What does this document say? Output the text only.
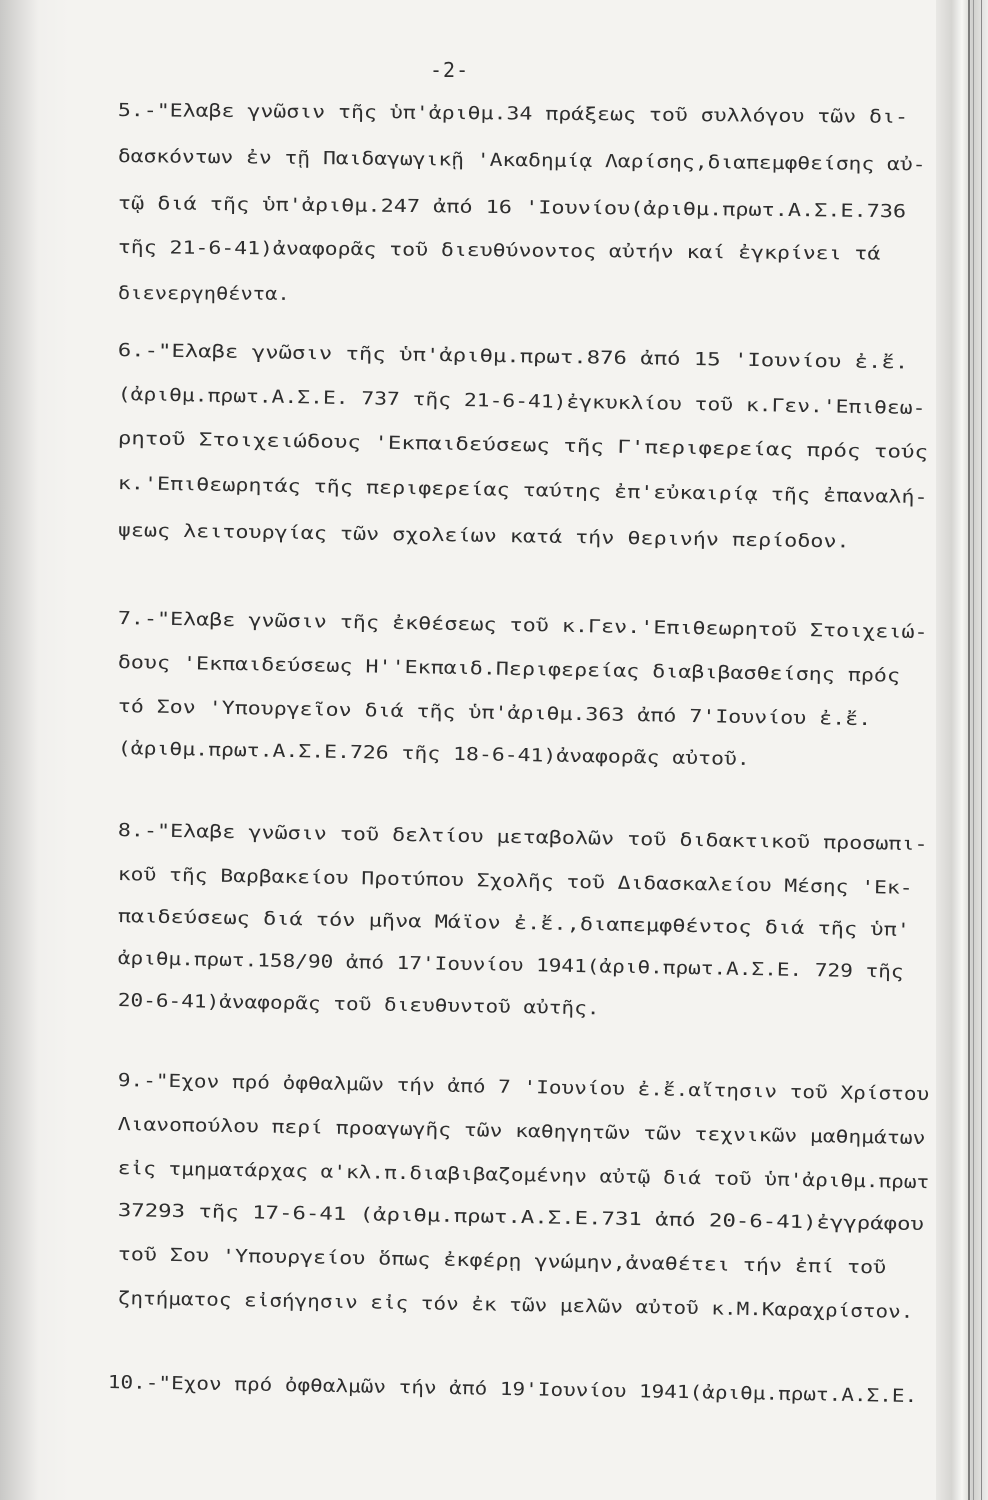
-2-
5.-"Ελαβε γνῶσιν τῆς ὑπ'ἀριθμ.34 πράξεως τοῦ συλλόγου τῶν δι-
δασκόντων ἐν τῇ Παιδαγωγικῇ 'Ακαδημίᾳ Λαρίσης,διαπεμφθείσης αὐ-
τῷ διά τῆς ὑπ'ἀριθμ.247 ἀπό 16 'Ιουνίου(ἀριθμ.πρωτ.Α.Σ.Ε.736
τῆς 21-6-41)ἀναφορᾶς τοῦ διευθύνοντος αὐτήν καί ἐγκρίνει τά
διενεργηθέντα.
6.-"Ελαβε γνῶσιν τῆς ὑπ'ἀριθμ.πρωτ.876 ἀπό 15 'Ιουνίου ἐ.ἔ.
(ἀριθμ.πρωτ.Α.Σ.Ε. 737 τῆς 21-6-41)ἐγκυκλίου τοῦ κ.Γεν.'Επιθεω-
ρητοῦ Στοιχειώδους 'Εκπαιδεύσεως τῆς Γ'περιφερείας πρός τούς
κ.'Επιθεωρητάς τῆς περιφερείας ταύτης ἐπ'εὐκαιρίᾳ τῆς ἐπαναλή-
ψεως λειτουργίας τῶν σχολείων κατά τήν θερινήν περίοδον.
7.-"Ελαβε γνῶσιν τῆς ἐκθέσεως τοῦ κ.Γεν.'Επιθεωρητοῦ Στοιχειώ-
δους 'Εκπαιδεύσεως Η''Εκπαιδ.Περιφερείας διαβιβασθείσης πρός
τό Σον 'Υπουργεῖον διά τῆς ὑπ'ἀριθμ.363 ἀπό 7'Ιουνίου ἐ.ἔ.
(ἀριθμ.πρωτ.Α.Σ.Ε.726 τῆς 18-6-41)ἀναφορᾶς αὐτοῦ.
8.-"Ελαβε γνῶσιν τοῦ δελτίου μεταβολῶν τοῦ διδακτικοῦ προσωπι-
κοῦ τῆς Βαρβακείου Προτύπου Σχολῆς τοῦ Διδασκαλείου Μέσης 'Εκ-
παιδεύσεως διά τόν μῆνα Μάϊον ἐ.ἔ.,διαπεμφθέντος διά τῆς ὑπ'
ἀριθμ.πρωτ.158/90 ἀπό 17'Ιουνίου 1941(ἀριθ.πρωτ.Α.Σ.Ε. 729 τῆς
20-6-41)ἀναφορᾶς τοῦ διευθυντοῦ αὐτῆς.
9.-"Εχον πρό ὀφθαλμῶν τήν ἀπό 7 'Ιουνίου ἐ.ἔ.αἴτησιν τοῦ Χρίστου
Λιανοπούλου περί προαγωγῆς τῶν καθηγητῶν τῶν τεχνικῶν μαθημάτων
εἰς τμηματάρχας α'κλ.π.διαβιβαζομένην αὐτῷ διά τοῦ ὑπ'ἀριθμ.πρωτ
37293 τῆς 17-6-41 (ἀριθμ.πρωτ.Α.Σ.Ε.731 ἀπό 20-6-41)ἐγγράφου
τοῦ Σου 'Υπουργείου ὅπως ἐκφέρῃ γνώμην,ἀναθέτει τήν ἐπί τοῦ
ζητήματος εἰσήγησιν εἰς τόν ἐκ τῶν μελῶν αὐτοῦ κ.Μ.Καραχρίστον.
10.-"Εχον πρό ὀφθαλμῶν τήν ἀπό 19'Ιουνίου 1941(ἀριθμ.πρωτ.Α.Σ.Ε.
